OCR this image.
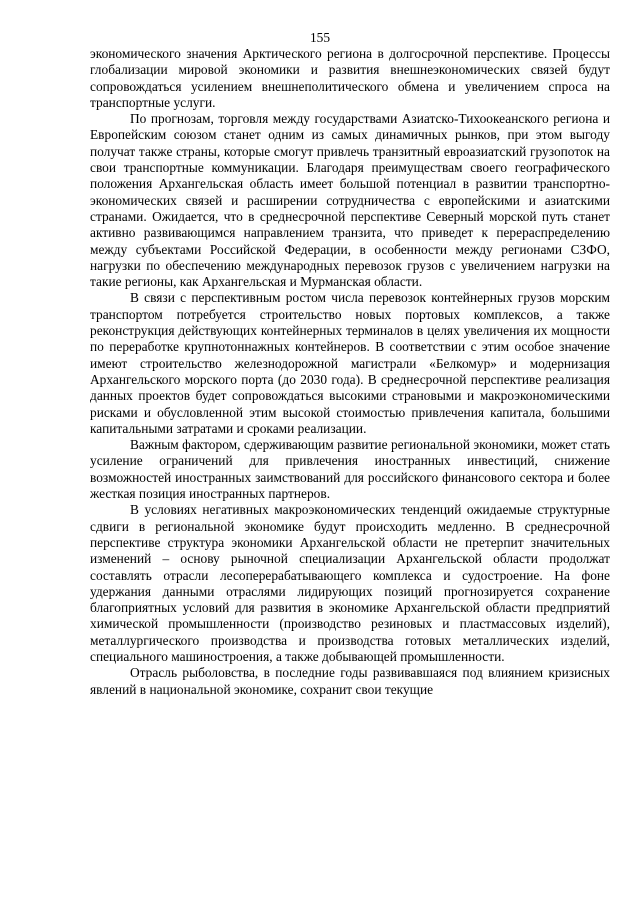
155

экономического значения Арктического региона в долгосрочной перспективе. Процессы глобализации мировой экономики и развития внешнеэкономических связей будут сопровождаться усилением внешнеполитического обмена и увеличением спроса на транспортные услуги.

По прогнозам, торговля между государствами Азиатско-Тихоокеанского региона и Европейским союзом станет одним из самых динамичных рынков, при этом выгоду получат также страны, которые смогут привлечь транзитный евроазиатский грузопоток на свои транспортные коммуникации. Благодаря преимуществам своего географического положения Архангельская область имеет большой потенциал в развитии транспортно-экономических связей и расширении сотрудничества с европейскими и азиатскими странами. Ожидается, что в среднесрочной перспективе Северный морской путь станет активно развивающимся направлением транзита, что приведет к перераспределению между субъектами Российской Федерации, в особенности между регионами СЗФО, нагрузки по обеспечению международных перевозок грузов с увеличением нагрузки на такие регионы, как Архангельская и Мурманская области.

В связи с перспективным ростом числа перевозок контейнерных грузов морским транспортом потребуется строительство новых портовых комплексов, а также реконструкция действующих контейнерных терминалов в целях увеличения их мощности по переработке крупнотоннажных контейнеров. В соответствии с этим особое значение имеют строительство железнодорожной магистрали «Белкомур» и модернизация Архангельского морского порта (до 2030 года). В среднесрочной перспективе реализация данных проектов будет сопровождаться высокими страновыми и макроэкономическими рисками и обусловленной этим высокой стоимостью привлечения капитала, большими капитальными затратами и сроками реализации.

Важным фактором, сдерживающим развитие региональной экономики, может стать усиление ограничений для привлечения иностранных инвестиций, снижение возможностей иностранных заимствований для российского финансового сектора и более жесткая позиция иностранных партнеров.

В условиях негативных макроэкономических тенденций ожидаемые структурные сдвиги в региональной экономике будут происходить медленно. В среднесрочной перспективе структура экономики Архангельской области не претерпит значительных изменений – основу рыночной специализации Архангельской области продолжат составлять отрасли лесоперерабатывающего комплекса и судостроение. На фоне удержания данными отраслями лидирующих позиций прогнозируется сохранение благоприятных условий для развития в экономике Архангельской области предприятий химической промышленности (производство резиновых и пластмассовых изделий), металлургического производства и производства готовых металлических изделий, специального машиностроения, а также добывающей промышленности.

Отрасль рыболовства, в последние годы развивавшаяся под влиянием кризисных явлений в национальной экономике, сохранит свои текущие
